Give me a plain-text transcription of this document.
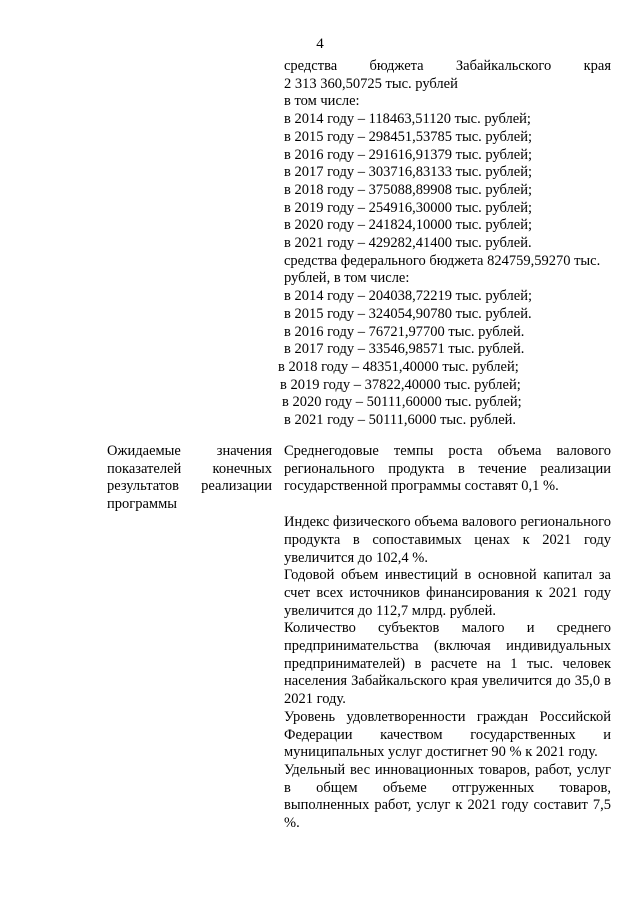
4
средства бюджета Забайкальского края
2 313 360,50725 тыс. рублей
в том числе:
в 2014 году – 118463,51120 тыс. рублей;
в 2015 году – 298451,53785 тыс. рублей;
в 2016 году – 291616,91379 тыс. рублей;
в 2017 году – 303716,83133 тыс. рублей;
в 2018 году – 375088,89908 тыс. рублей;
в 2019 году – 254916,30000 тыс. рублей;
в 2020 году – 241824,10000 тыс. рублей;
в 2021 году – 429282,41400 тыс. рублей.
средства федерального бюджета 824759,59270 тыс.
рублей, в том числе:
в 2014 году – 204038,72219 тыс. рублей;
в 2015 году – 324054,90780 тыс. рублей.
в 2016 году – 76721,97700 тыс. рублей.
в 2017 году – 33546,98571 тыс. рублей.
в 2018 году – 48351,40000 тыс. рублей;
в 2019 году – 37822,40000 тыс. рублей;
в 2020 году – 50111,60000 тыс. рублей;
в 2021 году – 50111,6000 тыс. рублей.
Ожидаемые значения показателей конечных результатов реализации программы

Среднегодовые темпы роста объема валового регионального продукта в течение реализации государственной программы составят 0,1 %.

Индекс физического объема валового регионального продукта в сопоставимых ценах к 2021 году увеличится до 102,4 %.

Годовой объем инвестиций в основной капитал за счет всех источников финансирования к 2021 году увеличится до 112,7 млрд. рублей.

Количество субъектов малого и среднего предпринимательства (включая индивидуальных предпринимателей) в расчете на 1 тыс. человек населения Забайкальского края увеличится до 35,0 в 2021 году.

Уровень удовлетворенности граждан Российской Федерации качеством государственных и муниципальных услуг достигнет 90 % к 2021 году.

Удельный вес инновационных товаров, работ, услуг в общем объеме отгруженных товаров, выполненных работ, услуг к 2021 году составит 7,5 %.
